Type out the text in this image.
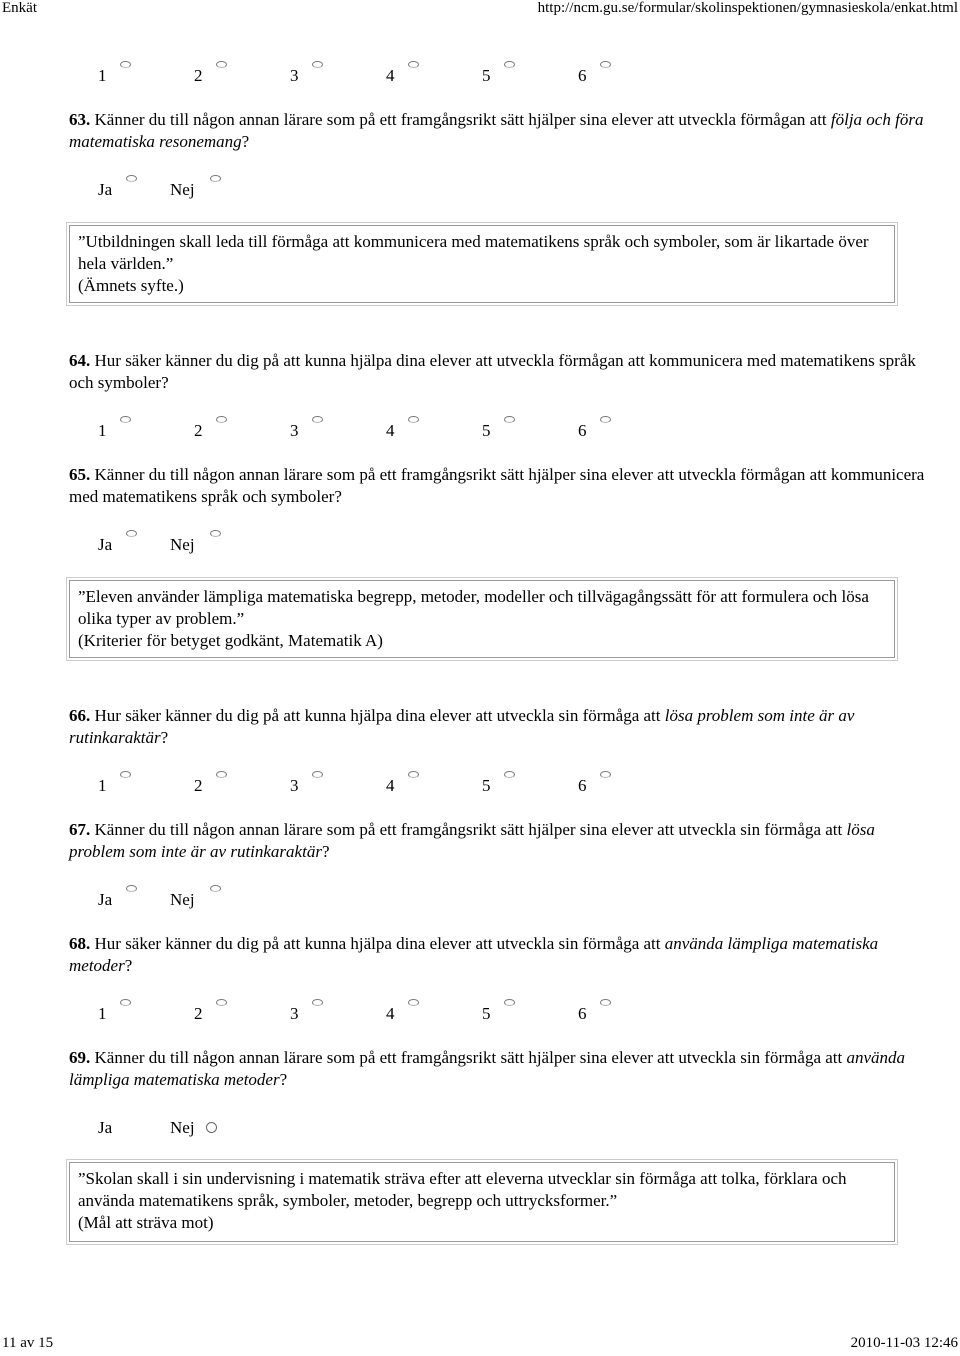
Enkät	http://ncm.gu.se/formular/skolinspektionen/gymnasieskola/enkat.html
1	2	3	4	5	6
63. Känner du till någon annan lärare som på ett framgångsrikt sätt hjälper sina elever att utveckla förmågan att följa och föra matematiska resonemang?
Ja	Nej
”Utbildningen skall leda till förmåga att kommunicera med matematikens språk och symboler, som är likartade över hela världen.”
(Ämnets syfte.)
64. Hur säker känner du dig på att kunna hjälpa dina elever att utveckla förmågan att kommunicera med matematikens språk och symboler?
1	2	3	4	5	6
65. Känner du till någon annan lärare som på ett framgångsrikt sätt hjälper sina elever att utveckla förmågan att kommunicera med matematikens språk och symboler?
Ja	Nej
”Eleven använder lämpliga matematiska begrepp, metoder, modeller och tillvägagångssätt för att formulera och lösa olika typer av problem.”
(Kriterier för betyget godkänt, Matematik A)
66. Hur säker känner du dig på att kunna hjälpa dina elever att utveckla sin förmåga att lösa problem som inte är av rutinkaraktär?
1	2	3	4	5	6
67. Känner du till någon annan lärare som på ett framgångsrikt sätt hjälper sina elever att utveckla sin förmåga att lösa problem som inte är av rutinkaraktär?
Ja	Nej
68. Hur säker känner du dig på att kunna hjälpa dina elever att utveckla sin förmåga att använda lämpliga matematiska metoder?
1	2	3	4	5	6
69. Känner du till någon annan lärare som på ett framgångsrikt sätt hjälper sina elever att utveckla sin förmåga att använda lämpliga matematiska metoder?
Ja	Nej
”Skolan skall i sin undervisning i matematik sträva efter att eleverna utvecklar sin förmåga att tolka, förklara och använda matematikens språk, symboler, metoder, begrepp och uttrycksformer.”
(Mål att sträva mot)
11 av 15	2010-11-03 12:46
